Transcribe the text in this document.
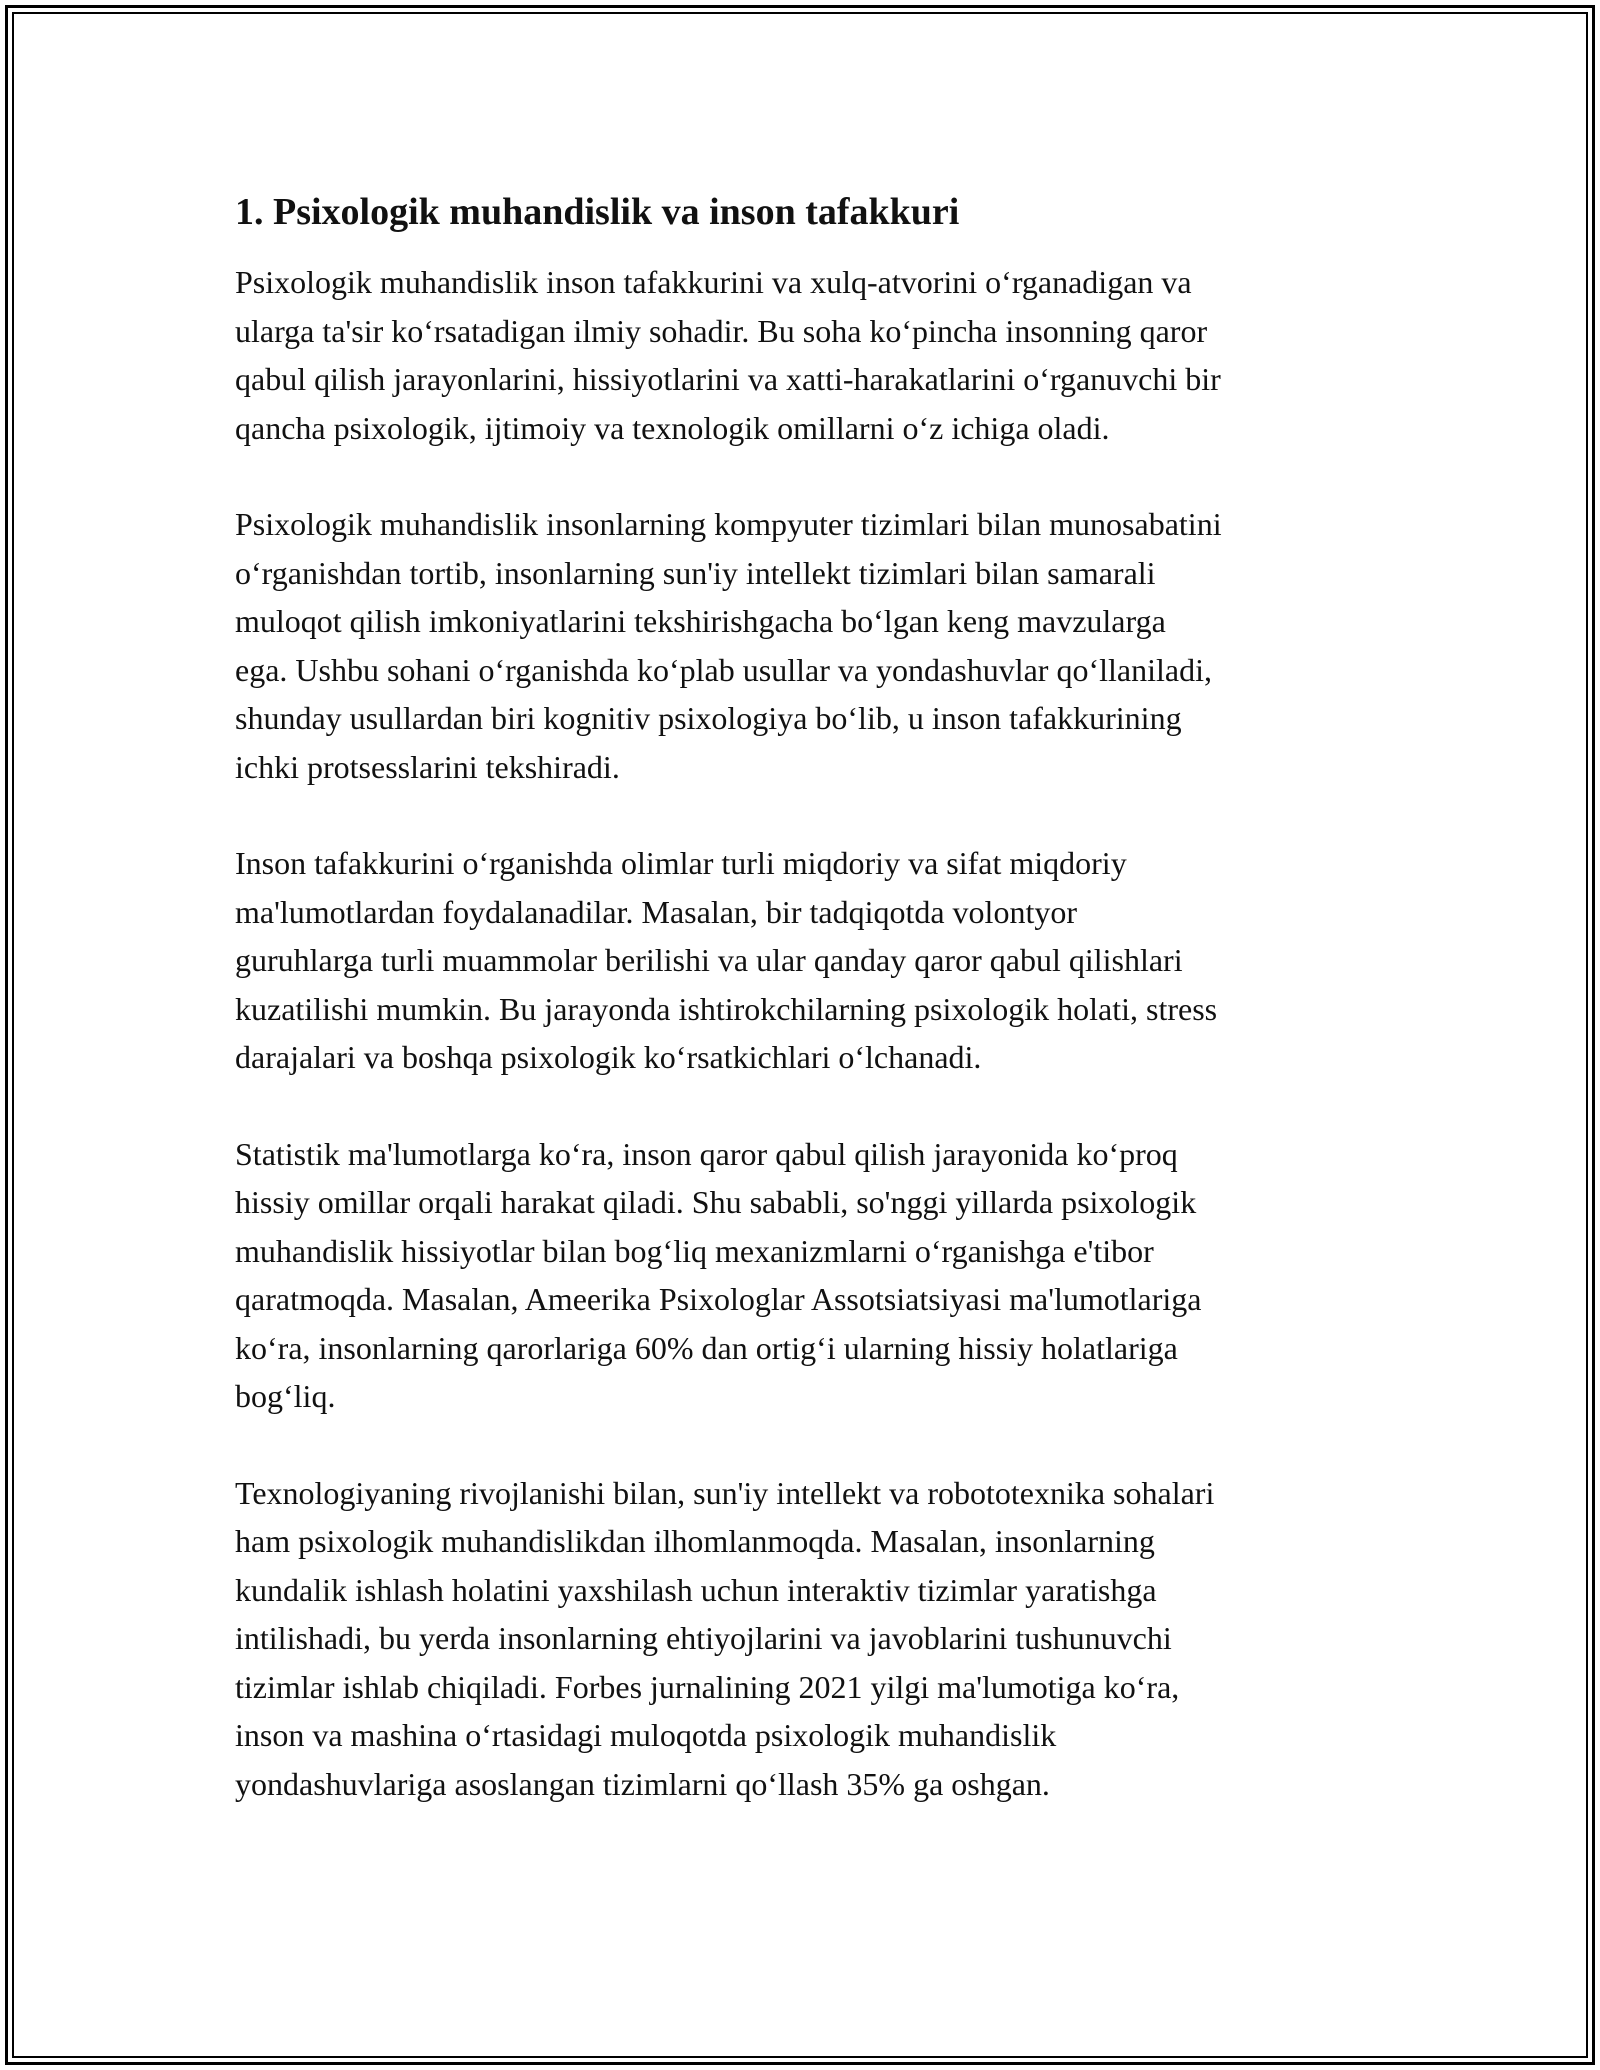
1. Psixologik muhandislik va inson tafakkuri

Psixologik muhandislik inson tafakkurini va xulq-atvorini o‘rganadigan va
ularga ta'sir ko‘rsatadigan ilmiy sohadir. Bu soha ko‘pincha insonning qaror
qabul qilish jarayonlarini, hissiyotlarini va xatti-harakatlarini o‘rganuvchi bir
qancha psixologik, ijtimoiy va texnologik omillarni o‘z ichiga oladi.

Psixologik muhandislik insonlarning kompyuter tizimlari bilan munosabatini
o‘rganishdan tortib, insonlarning sun'iy intellekt tizimlari bilan samarali
muloqot qilish imkoniyatlarini tekshirishgacha bo‘lgan keng mavzularga
ega. Ushbu sohani o‘rganishda ko‘plab usullar va yondashuvlar qo‘llaniladi,
shunday usullardan biri kognitiv psixologiya bo‘lib, u inson tafakkurining
ichki protsesslarini tekshiradi.

Inson tafakkurini o‘rganishda olimlar turli miqdoriy va sifat miqdoriy
ma'lumotlardan foydalanadilar. Masalan, bir tadqiqotda volontyor
guruhlarga turli muammolar berilishi va ular qanday qaror qabul qilishlari
kuzatilishi mumkin. Bu jarayonda ishtirokchilarning psixologik holati, stress
darajalari va boshqa psixologik ko‘rsatkichlari o‘lchanadi.

Statistik ma'lumotlarga ko‘ra, inson qaror qabul qilish jarayonida ko‘proq
hissiy omillar orqali harakat qiladi. Shu sababli, so'nggi yillarda psixologik
muhandislik hissiyotlar bilan bog‘liq mexanizmlarni o‘rganishga e'tibor
qaratmoqda. Masalan, Ameerika Psixologlar Assotsiatsiyasi ma'lumotlariga
ko‘ra, insonlarning qarorlariga 60% dan ortig‘i ularning hissiy holatlariga
bog‘liq.

Texnologiyaning rivojlanishi bilan, sun'iy intellekt va robototexnika sohalari
ham psixologik muhandislikdan ilhomlanmoqda. Masalan, insonlarning
kundalik ishlash holatini yaxshilash uchun interaktiv tizimlar yaratishga
intilishadi, bu yerda insonlarning ehtiyojlarini va javoblarini tushunuvchi
tizimlar ishlab chiqiladi. Forbes jurnalining 2021 yilgi ma'lumotiga ko‘ra,
inson va mashina o‘rtasidagi muloqotda psixologik muhandislik
yondashuvlariga asoslangan tizimlarni qo‘llash 35% ga oshgan.
